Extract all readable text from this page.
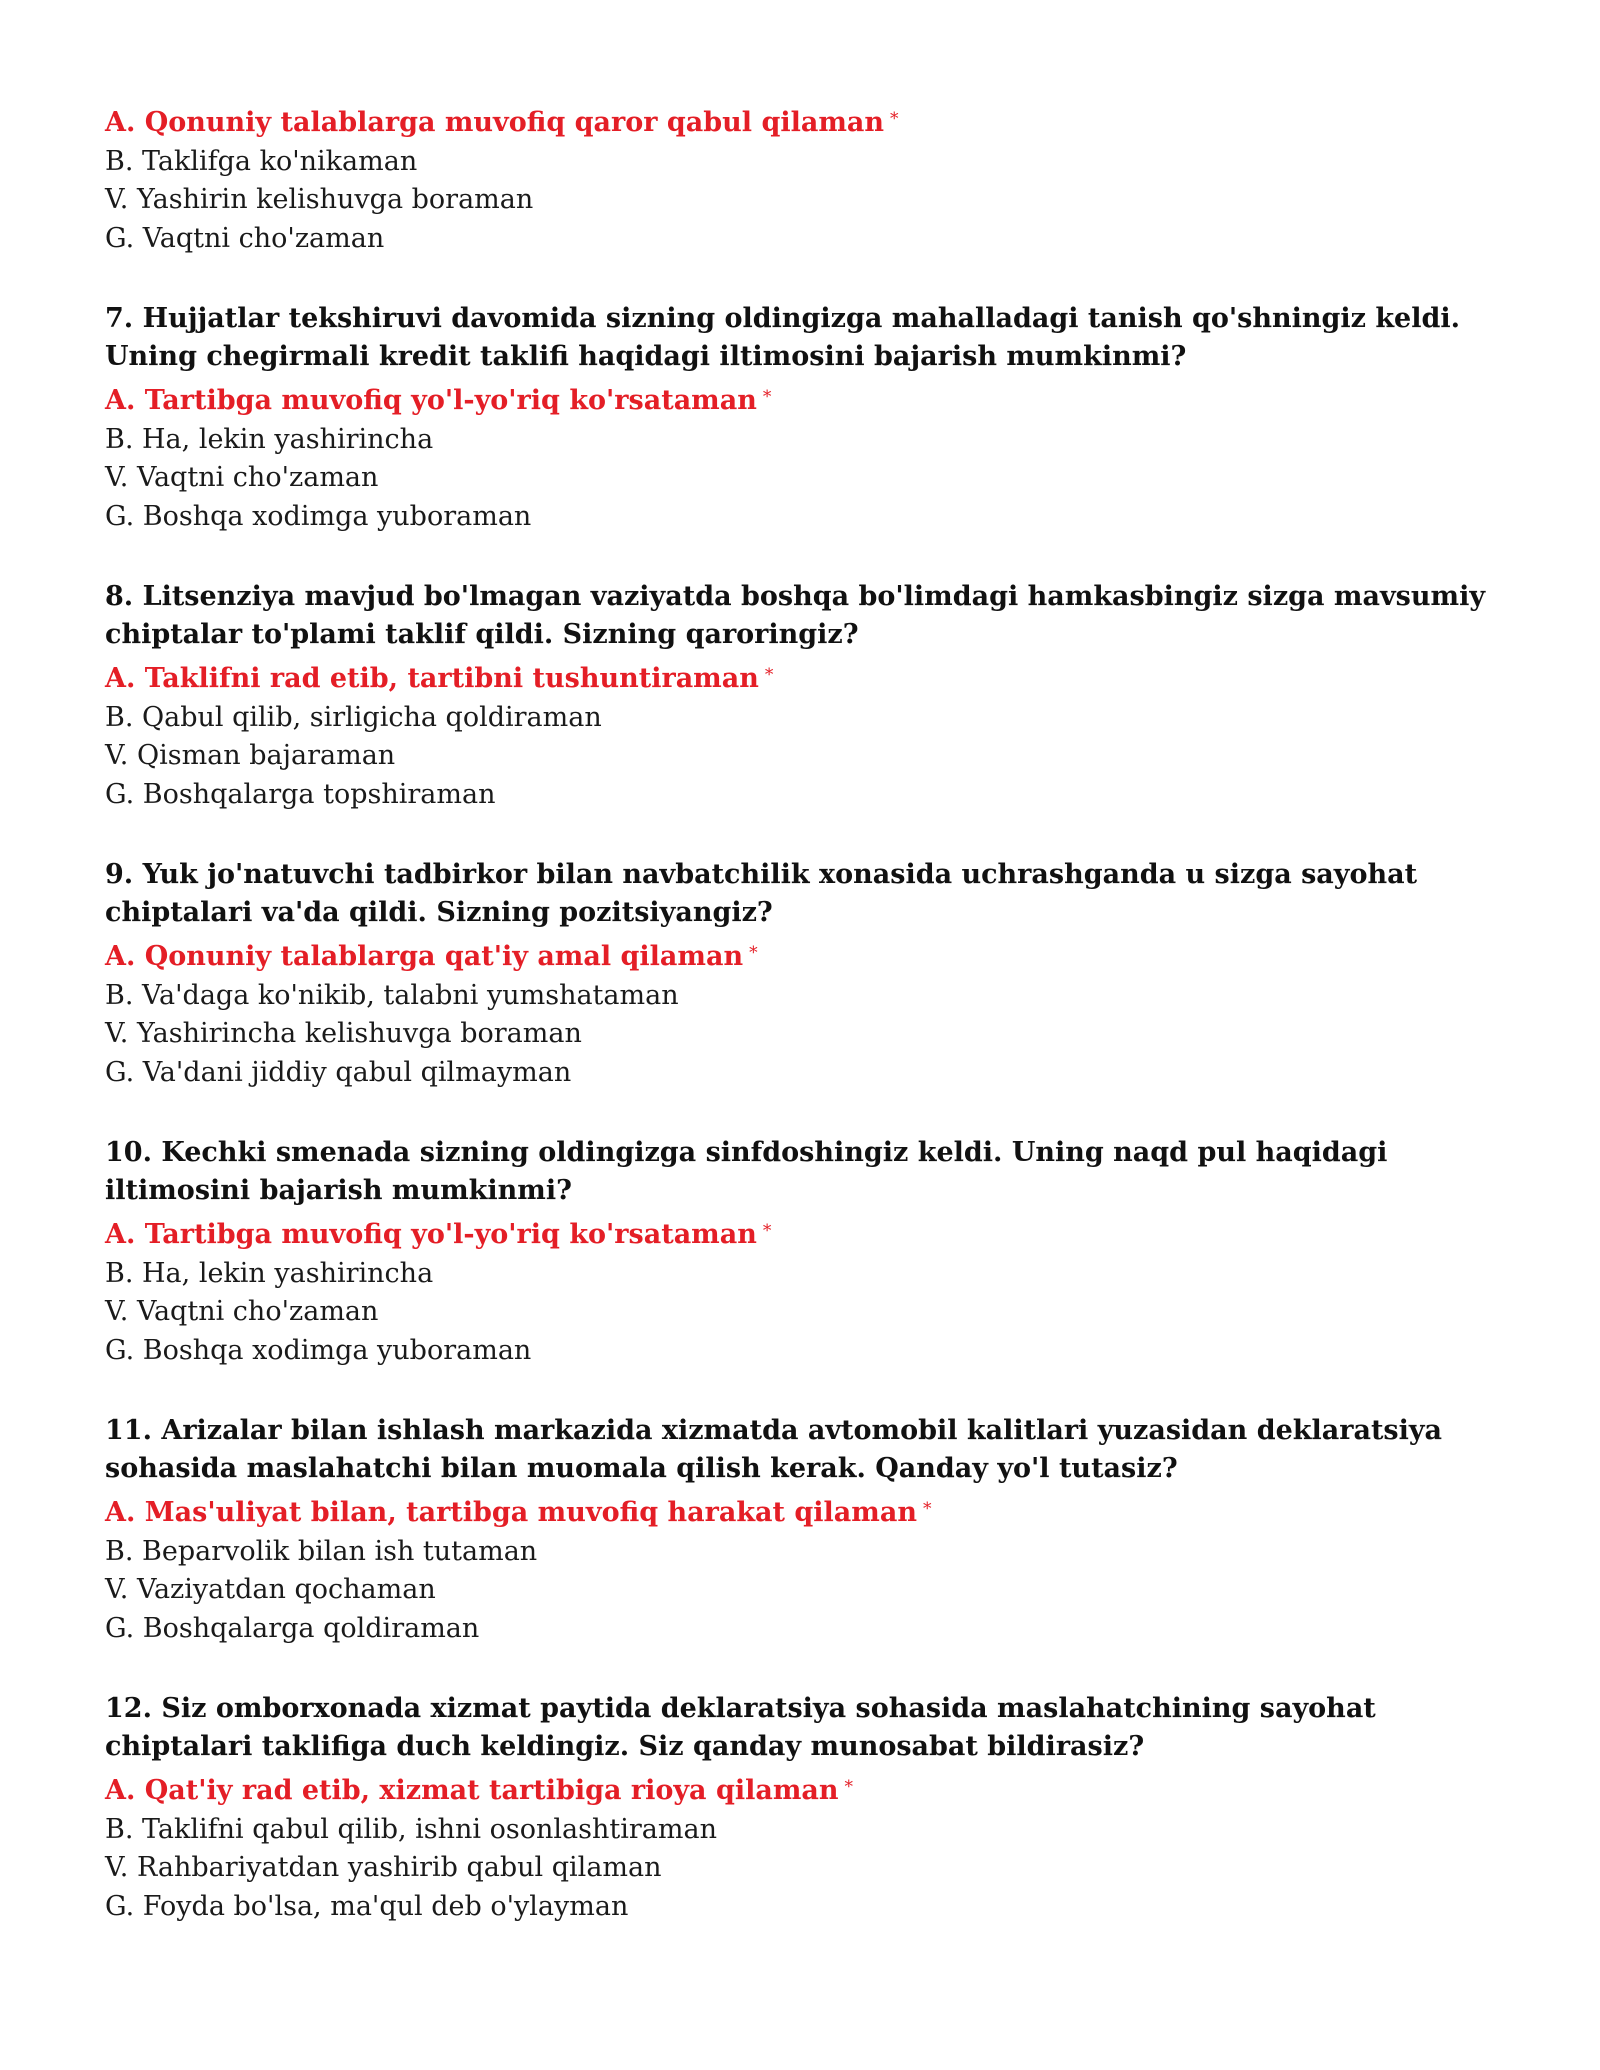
A. Qonuniy talablarga muvofiq qaror qabul qilaman *

B. Taklifga ko'nikaman

V. Yashirin kelishuvga boraman

G. Vaqtni cho'zaman

7. Hujjatlar tekshiruvi davomida sizning oldingizga mahalladagi tanish qo'shningiz keldi. Uning chegirmali kredit taklifi haqidagi iltimosini bajarish mumkinmi?

A. Tartibga muvofiq yo'l-yo'riq ko'rsataman *

B. Ha, lekin yashirincha

V. Vaqtni cho'zaman

G. Boshqa xodimga yuboraman

8. Litsenziya mavjud bo'lmagan vaziyatda boshqa bo'limdagi hamkasbingiz sizga mavsumiy chiptalar to'plami taklif qildi. Sizning qaroringiz?

A. Taklifni rad etib, tartibni tushuntiraman *

B. Qabul qilib, sirligicha qoldiraman

V. Qisman bajaraman

G. Boshqalarga topshiraman

9. Yuk jo'natuvchi tadbirkor bilan navbatchilik xonasida uchrashganda u sizga sayohat chiptalari va'da qildi. Sizning pozitsiyangiz?

A. Qonuniy talablarga qat'iy amal qilaman *

B. Va'daga ko'nikib, talabni yumshataman

V. Yashirincha kelishuvga boraman

G. Va'dani jiddiy qabul qilmayman

10. Kechki smenada sizning oldingizga sinfdoshingiz keldi. Uning naqd pul haqidagi iltimosini bajarish mumkinmi?

A. Tartibga muvofiq yo'l-yo'riq ko'rsataman *

B. Ha, lekin yashirincha

V. Vaqtni cho'zaman

G. Boshqa xodimga yuboraman

11. Arizalar bilan ishlash markazida xizmatda avtomobil kalitlari yuzasidan deklaratsiya sohasida maslahatchi bilan muomala qilish kerak. Qanday yo'l tutasiz?

A. Mas'uliyat bilan, tartibga muvofiq harakat qilaman *

B. Beparvolik bilan ish tutaman

V. Vaziyatdan qochaman

G. Boshqalarga qoldiraman

12. Siz omborxonada xizmat paytida deklaratsiya sohasida maslahatchining sayohat chiptalari taklifiga duch keldingiz. Siz qanday munosabat bildirasiz?

A. Qat'iy rad etib, xizmat tartibiga rioya qilaman *

B. Taklifni qabul qilib, ishni osonlashtiraman

V. Rahbariyatdan yashirib qabul qilaman

G. Foyda bo'lsa, ma'qul deb o'ylayman
